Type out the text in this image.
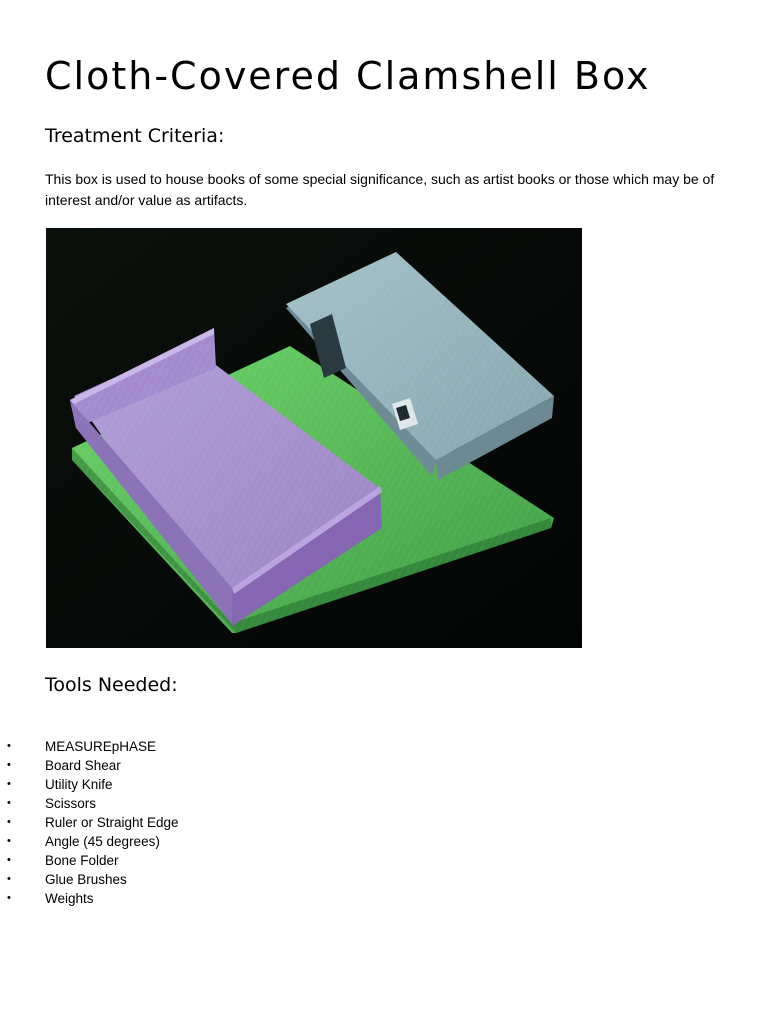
Cloth-Covered Clamshell Box
Treatment Criteria:

This box is used to house books of some special significance, such as artist books or those which may be of interest and/or value as artifacts.

Tools Needed:
•	MEASUREpHASE
•	Board Shear
•	Utility Knife
•	Scissors
•	Ruler or Straight Edge
•	Angle (45 degrees)
•	Bone Folder
•	Glue Brushes
•	Weights
